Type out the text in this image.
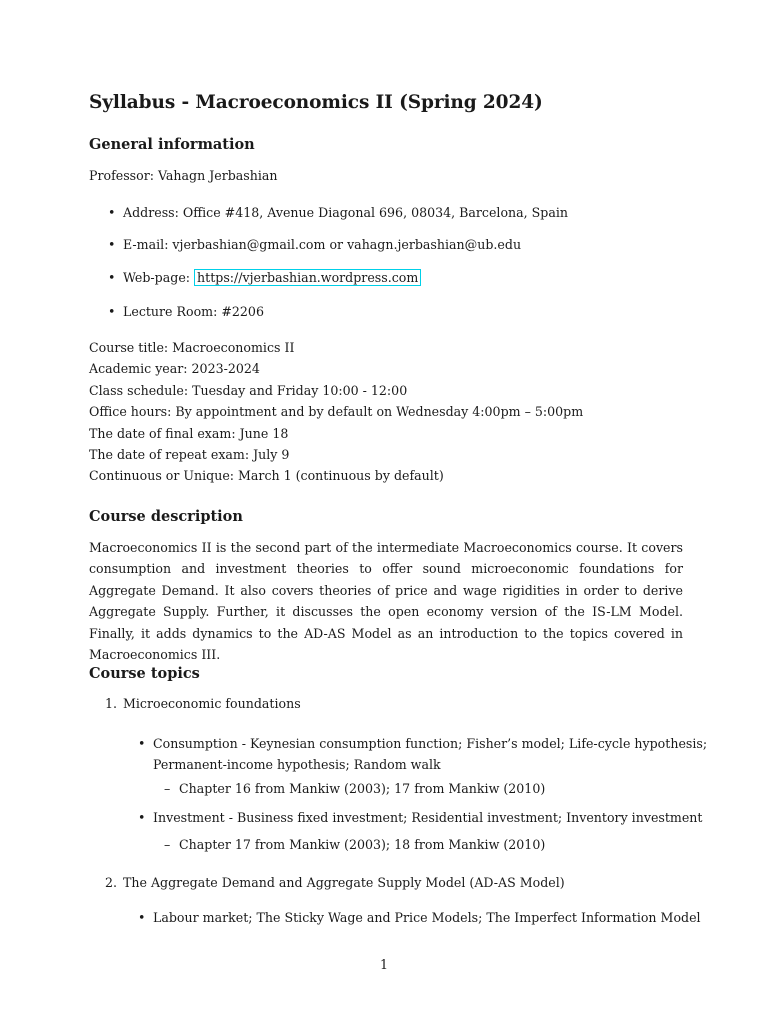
Syllabus - Macroeconomics II (Spring 2024)
General information
Professor: Vahagn Jerbashian
• Address: Office #418, Avenue Diagonal 696, 08034, Barcelona, Spain
• E-mail: vjerbashian@gmail.com or vahagn.jerbashian@ub.edu
• Web-page: https://vjerbashian.wordpress.com
• Lecture Room: #2206
Course title: Macroeconomics II
Academic year: 2023-2024
Class schedule: Tuesday and Friday 10:00 - 12:00
Office hours: By appointment and by default on Wednesday 4:00pm – 5:00pm
The date of final exam: June 18
The date of repeat exam: July 9
Continuous or Unique: March 1 (continuous by default)
Course description
Macroeconomics II is the second part of the intermediate Macroeconomics course. It covers consumption and investment theories to offer sound microeconomic foundations for Aggregate Demand. It also covers theories of price and wage rigidities in order to derive Aggregate Supply. Further, it discusses the open economy version of the IS-LM Model. Finally, it adds dynamics to the AD-AS Model as an introduction to the topics covered in Macroeconomics III.
Course topics
1. Microeconomic foundations
• Consumption - Keynesian consumption function; Fisher’s model; Life-cycle hypothesis;
Permanent-income hypothesis; Random walk
– Chapter 16 from Mankiw (2003); 17 from Mankiw (2010)
• Investment - Business fixed investment; Residential investment; Inventory investment
– Chapter 17 from Mankiw (2003); 18 from Mankiw (2010)
2. The Aggregate Demand and Aggregate Supply Model (AD-AS Model)
• Labour market; The Sticky Wage and Price Models; The Imperfect Information Model
1
